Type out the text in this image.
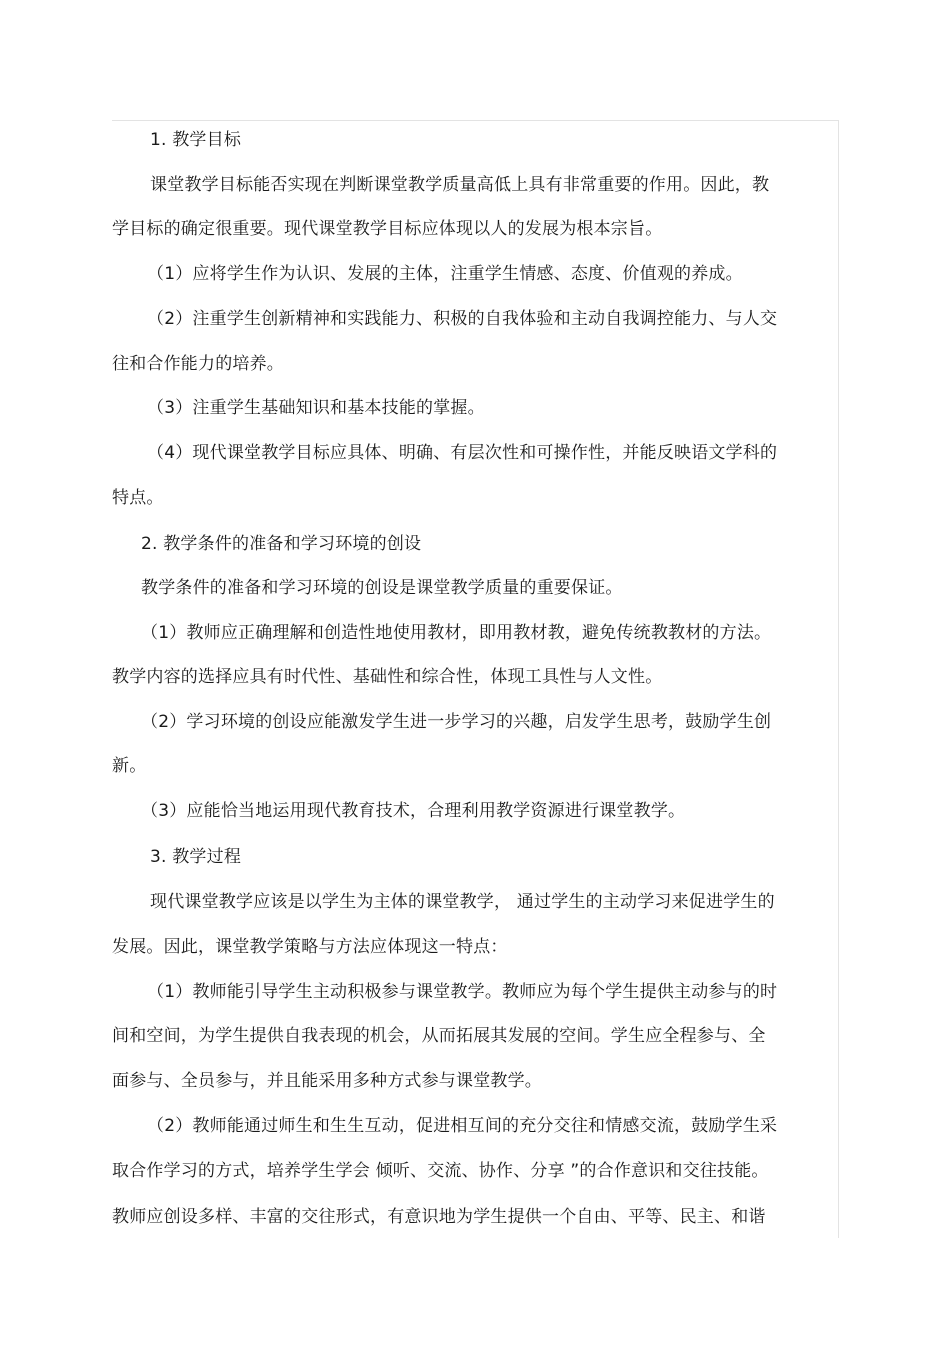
1. 教学目标
课堂教学目标能否实现在判断课堂教学质量高低上具有非常重要的作用。因此，教
学目标的确定很重要。现代课堂教学目标应体现以人的发展为根本宗旨。
（1）应将学生作为认识、发展的主体，注重学生情感、态度、价值观的养成。
（2）注重学生创新精神和实践能力、积极的自我体验和主动自我调控能力、与人交
往和合作能力的培养。
（3）注重学生基础知识和基本技能的掌握。
（4）现代课堂教学目标应具体、明确、有层次性和可操作性，并能反映语文学科的
特点。
2. 教学条件的准备和学习环境的创设
教学条件的准备和学习环境的创设是课堂教学质量的重要保证。
（1）教师应正确理解和创造性地使用教材，即用教材教，避免传统教教材的方法。
教学内容的选择应具有时代性、基础性和综合性，体现工具性与人文性。
（2）学习环境的创设应能激发学生进一步学习的兴趣，启发学生思考，鼓励学生创
新。
（3）应能恰当地运用现代教育技术，合理利用教学资源进行课堂教学。
3. 教学过程
现代课堂教学应该是以学生为主体的课堂教学， 通过学生的主动学习来促进学生的
发展。因此，课堂教学策略与方法应体现这一特点：
（1）教师能引导学生主动积极参与课堂教学。教师应为每个学生提供主动参与的时
间和空间，为学生提供自我表现的机会，从而拓展其发展的空间。学生应全程参与、全
面参与、全员参与，并且能采用多种方式参与课堂教学。
（2）教师能通过师生和生生互动，促进相互间的充分交往和情感交流，鼓励学生采
取合作学习的方式，培养学生学会 倾听、交流、协作、分享 ”的合作意识和交往技能。
教师应创设多样、丰富的交往形式，有意识地为学生提供一个自由、平等、民主、和谐
